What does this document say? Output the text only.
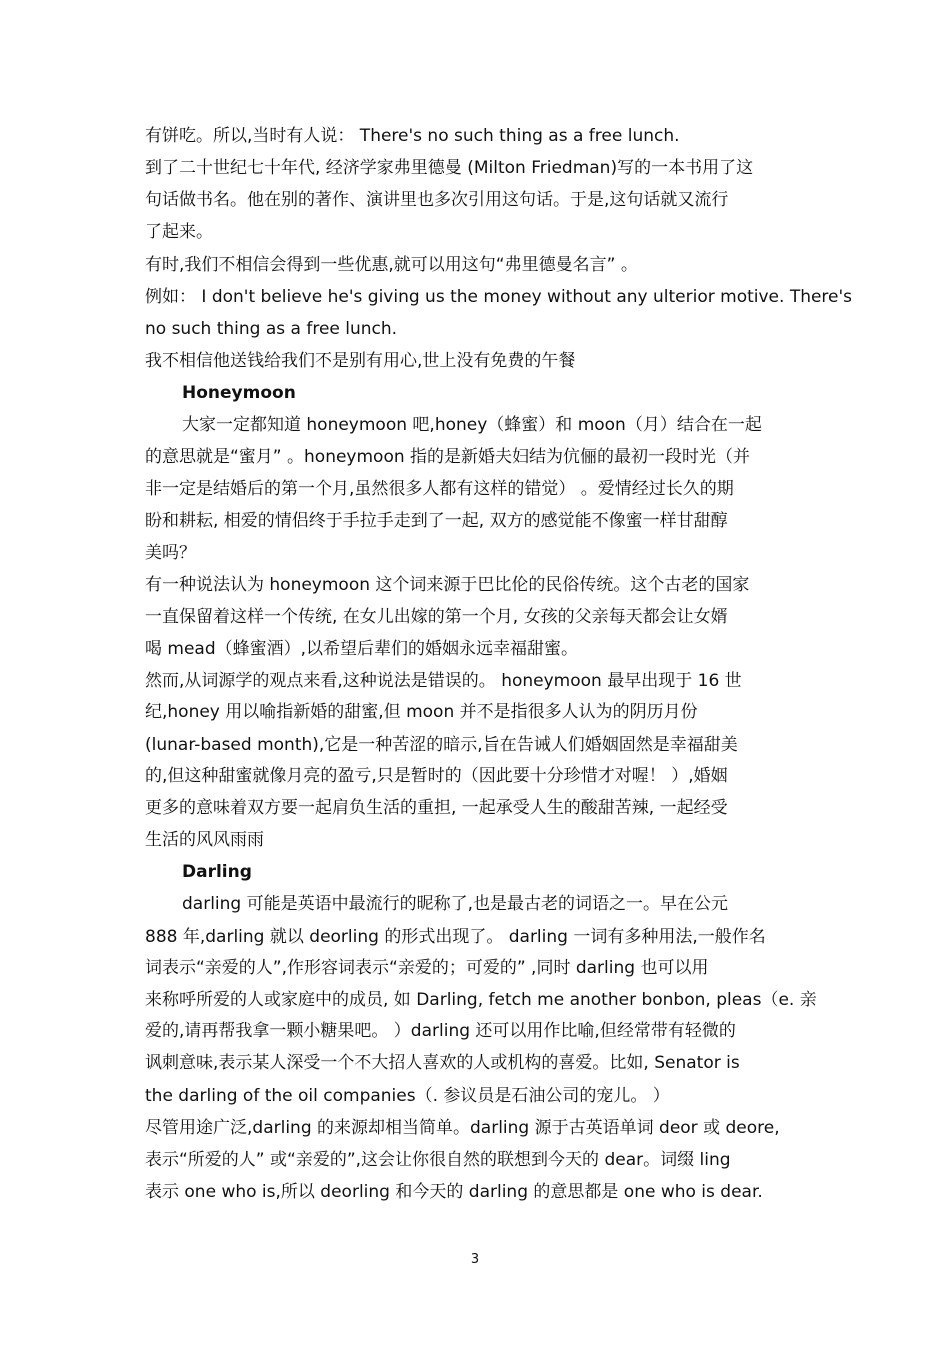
有饼吃。所以,当时有人说： There's no such thing as a free lunch.
到了二十世纪七十年代, 经济学家弗里德曼 (Milton Friedman)写的一本书用了这
句话做书名。他在别的著作、演讲里也多次引用这句话。于是,这句话就又流行
了起来。
有时,我们不相信会得到一些优惠,就可以用这句“弗里德曼名言” 。
例如： I don't believe he's giving us the money without any ulterior motive. There's
no such thing as a free lunch.
我不相信他送钱给我们不是别有用心,世上没有免费的午餐
Honeymoon
大家一定都知道 honeymoon 吧,honey（蜂蜜）和 moon（月）结合在一起
的意思就是“蜜月” 。honeymoon 指的是新婚夫妇结为伉俪的最初一段时光（并
非一定是结婚后的第一个月,虽然很多人都有这样的错觉） 。爱情经过长久的期
盼和耕耘, 相爱的情侣终于手拉手走到了一起, 双方的感觉能不像蜜一样甘甜醇
美吗？
有一种说法认为 honeymoon 这个词来源于巴比伦的民俗传统。这个古老的国家
一直保留着这样一个传统, 在女儿出嫁的第一个月, 女孩的父亲每天都会让女婿
喝 mead（蜂蜜酒）,以希望后辈们的婚姻永远幸福甜蜜。
然而,从词源学的观点来看,这种说法是错误的。 honeymoon 最早出现于 16 世
纪,honey 用以喻指新婚的甜蜜,但 moon 并不是指很多人认为的阴历月份
(lunar-based month),它是一种苦涩的暗示,旨在告诫人们婚姻固然是幸福甜美
的,但这种甜蜜就像月亮的盈亏,只是暂时的（因此要十分珍惜才对喔！ ）,婚姻
更多的意味着双方要一起肩负生活的重担, 一起承受人生的酸甜苦辣, 一起经受
生活的风风雨雨
Darling
darling 可能是英语中最流行的昵称了,也是最古老的词语之一。早在公元
888 年,darling 就以 deorling 的形式出现了。 darling 一词有多种用法,一般作名
词表示“亲爱的人”,作形容词表示“亲爱的；可爱的” ,同时 darling 也可以用
来称呼所爱的人或家庭中的成员, 如 Darling, fetch me another bonbon, pleas（e. 亲
爱的,请再帮我拿一颗小糖果吧。 ）darling 还可以用作比喻,但经常带有轻微的
讽刺意味,表示某人深受一个不大招人喜欢的人或机构的喜爱。比如, Senator is
the darling of the oil companies（. 参议员是石油公司的宠儿。 ）
尽管用途广泛,darling 的来源却相当简单。darling 源于古英语单词 deor 或 deore,
表示“所爱的人” 或“亲爱的”,这会让你很自然的联想到今天的 dear。词缀 ling
表示 one who is,所以 deorling 和今天的 darling 的意思都是 one who is dear.
3
